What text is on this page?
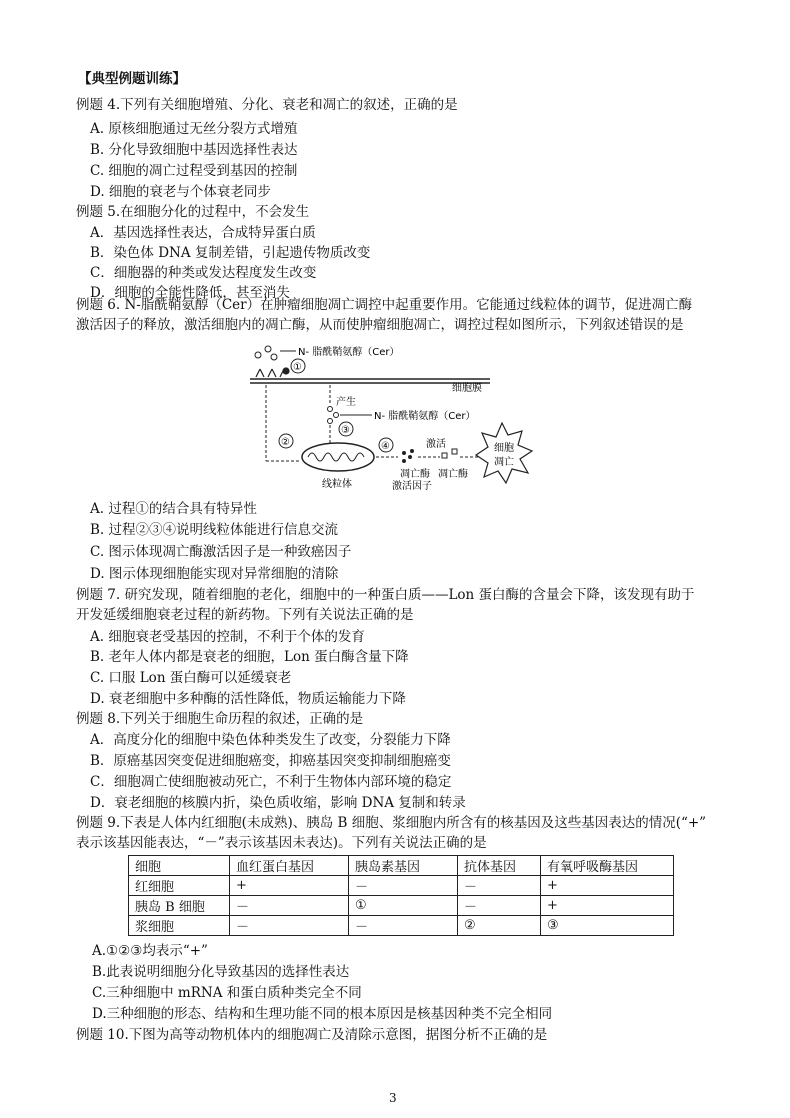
【典型例题训练】
例题 4.下列有关细胞增殖、分化、衰老和凋亡的叙述，正确的是
A. 原核细胞通过无丝分裂方式增殖
B. 分化导致细胞中基因选择性表达
C. 细胞的凋亡过程受到基因的控制
D. 细胞的衰老与个体衰老同步
例题 5.在细胞分化的过程中，不会发生
A．基因选择性表达，合成特异蛋白质
B．染色体 DNA 复制差错，引起遗传物质改变
C．细胞器的种类或发达程度发生改变
D．细胞的全能性降低，甚至消失
例题 6. N-脂酰鞘氨醇（Cer）在肿瘤细胞凋亡调控中起重要作用。它能通过线粒体的调节，促进凋亡酶
激活因子的释放，激活细胞内的凋亡酶，从而使肿瘤细胞凋亡，调控过程如图所示，下列叙述错误的是
N- 脂酰鞘氨醇（Cer）
①
细胞膜
产生
N- 脂酰鞘氨醇（Cer）
③
②
线粒体
④
凋亡酶
激活因子
激活
凋亡酶
细胞
凋亡
A. 过程①的结合具有特异性
B. 过程②③④说明线粒体能进行信息交流
C. 图示体现凋亡酶激活因子是一种致癌因子
D. 图示体现细胞能实现对异常细胞的清除
例题 7. 研究发现，随着细胞的老化，细胞中的一种蛋白质——Lon 蛋白酶的含量会下降，该发现有助于
开发延缓细胞衰老过程的新药物。下列有关说法正确的是
A. 细胞衰老受基因的控制，不利于个体的发育
B. 老年人体内都是衰老的细胞，Lon 蛋白酶含量下降
C. 口服 Lon 蛋白酶可以延缓衰老
D. 衰老细胞中多种酶的活性降低，物质运输能力下降
例题 8.下列关于细胞生命历程的叙述，正确的是
A．高度分化的细胞中染色体种类发生了改变，分裂能力下降
B．原癌基因突变促进细胞癌变，抑癌基因突变抑制细胞癌变
C．细胞凋亡使细胞被动死亡，不利于生物体内部环境的稳定
D．衰老细胞的核膜内折，染色质收缩，影响 DNA 复制和转录
例题 9.下表是人体内红细胞(未成熟)、胰岛 B 细胞、浆细胞内所含有的核基因及这些基因表达的情况(“+”
表示该基因能表达，“－”表示该基因未表达)。下列有关说法正确的是
细胞	血红蛋白基因	胰岛素基因	抗体基因	有氧呼吸酶基因
红细胞	+	－	－	+
胰岛 B 细胞	－	①	－	+
浆细胞	－	－	②	③
A.①②③均表示“+”
B.此表说明细胞分化导致基因的选择性表达
C.三种细胞中 mRNA 和蛋白质种类完全不同
D.三种细胞的形态、结构和生理功能不同的根本原因是核基因种类不完全相同
例题 10.下图为高等动物机体内的细胞凋亡及清除示意图，据图分析不正确的是
3
